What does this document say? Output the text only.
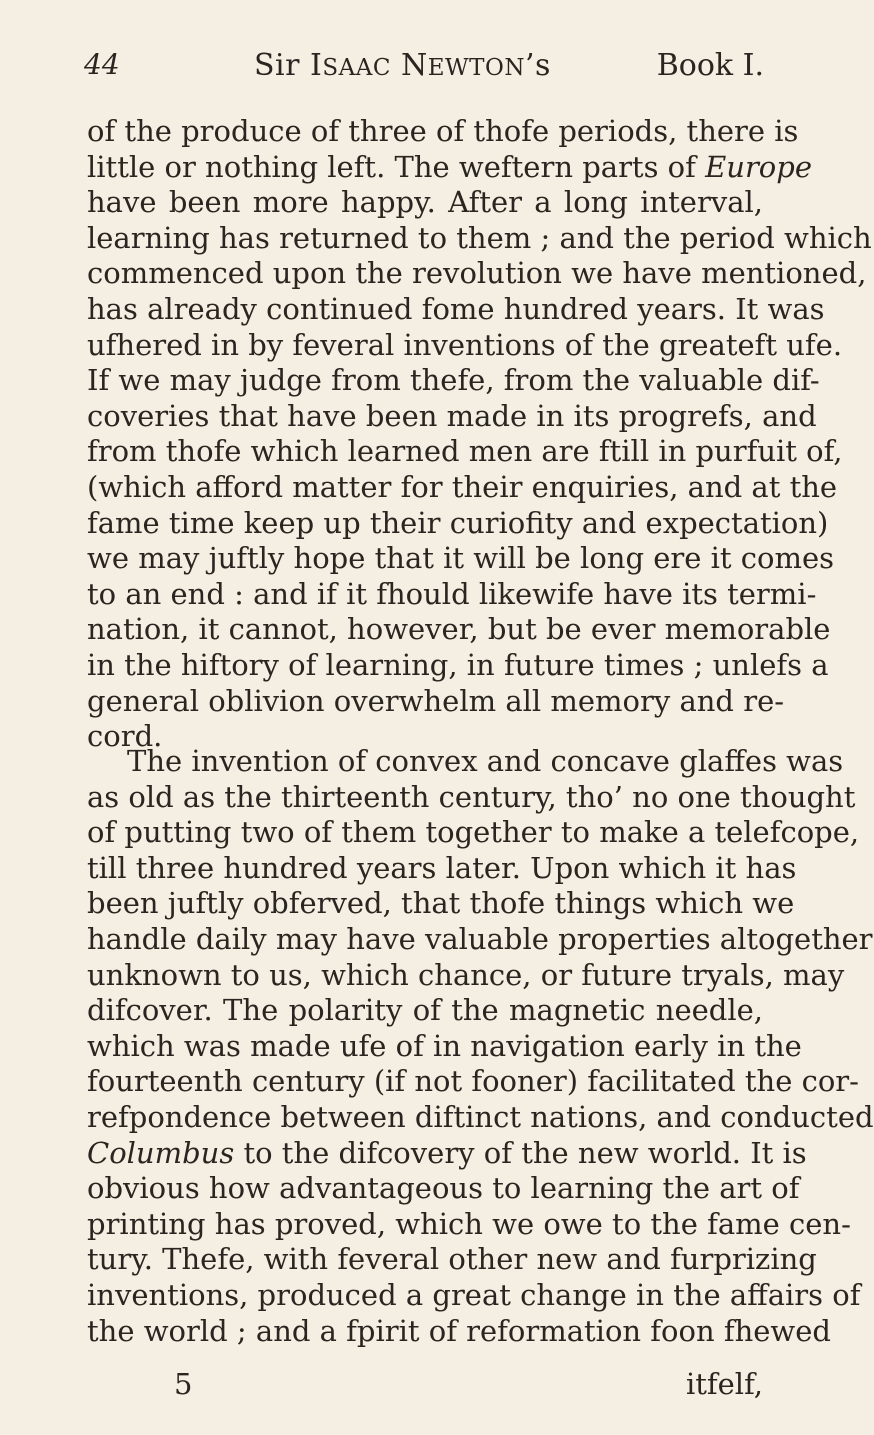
44	Sir ISAAC NEWTON’s	Book I.

of the produce of three of thofe periods, there is
little or nothing left. The weftern parts of Europe
have been more happy. After a long interval,
learning has returned to them ; and the period which
commenced upon the revolution we have mentioned,
has already continued fome hundred years. It was
ufhered in by feveral inventions of the greateft ufe.
If we may judge from thefe, from the valuable dif-
coveries that have been made in its progrefs, and
from thofe which learned men are ftill in purfuit of,
(which afford matter for their enquiries, and at the
fame time keep up their curiofity and expectation)
we may juftly hope that it will be long ere it comes
to an end : and if it fhould likewife have its termi-
nation, it cannot, however, but be ever memorable
in the hiftory of learning, in future times ; unlefs a
general oblivion overwhelm all memory and re-
cord.

The invention of convex and concave glaffes was
as old as the thirteenth century, tho’ no one thought
of putting two of them together to make a telefcope,
till three hundred years later. Upon which it has
been juftly obferved, that thofe things which we
handle daily may have valuable properties altogether
unknown to us, which chance, or future tryals, may
difcover. The polarity of the magnetic needle,
which was made ufe of in navigation early in the
fourteenth century (if not fooner) facilitated the cor-
refpondence between diftinct nations, and conducted
Columbus to the difcovery of the new world. It is
obvious how advantageous to learning the art of
printing has proved, which we owe to the fame cen-
tury. Thefe, with feveral other new and furprizing
inventions, produced a great change in the affairs of
the world ; and a fpirit of reformation foon fhewed

5	itfelf,
